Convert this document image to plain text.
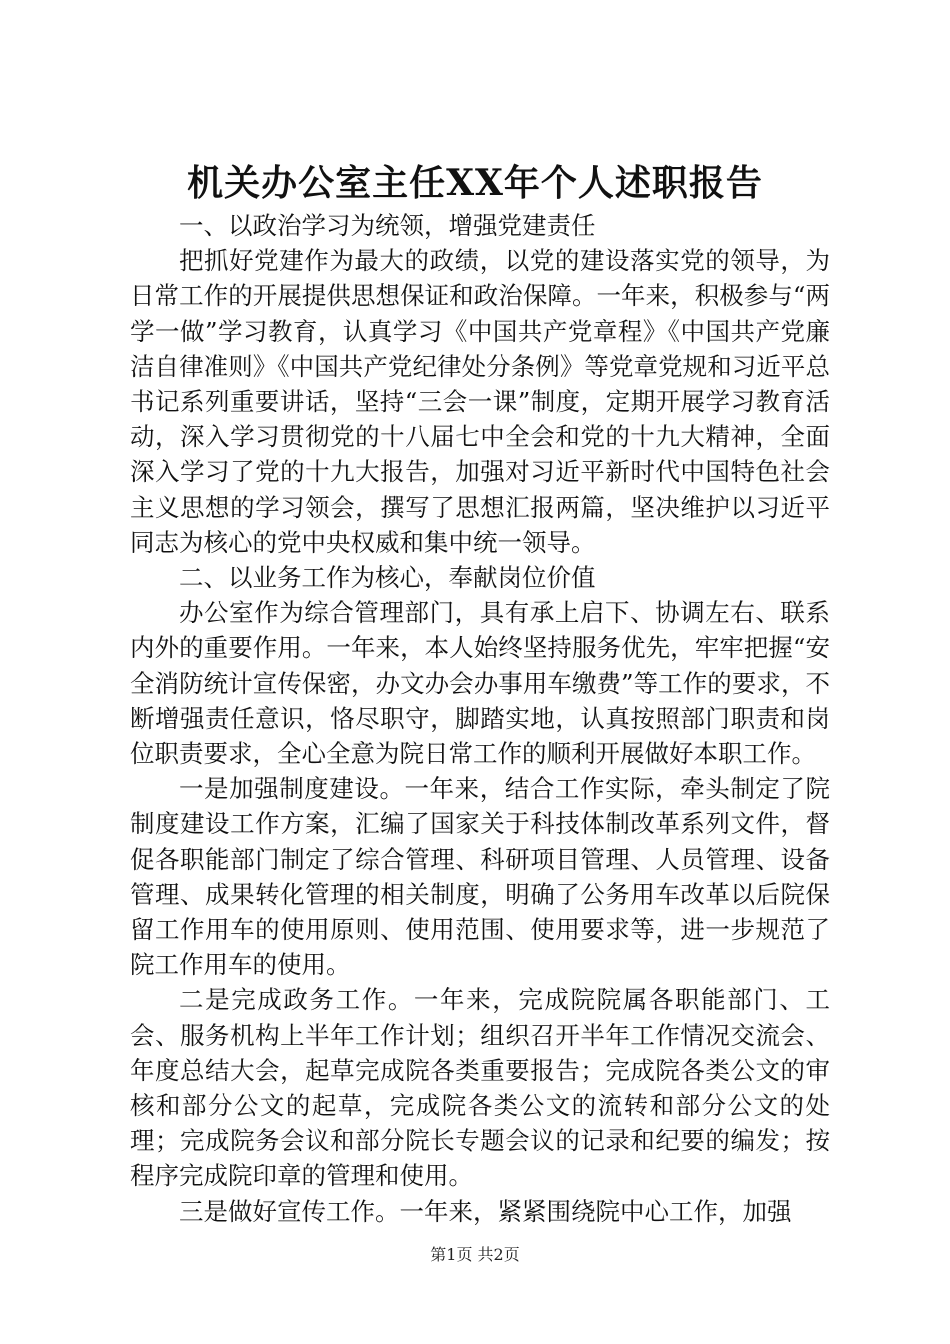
机关办公室主任XX年个人述职报告

一、以政治学习为统领，增强党建责任

把抓好党建作为最大的政绩，以党的建设落实党的领导，为日常工作的开展提供思想保证和政治保障。一年来，积极参与“两学一做”学习教育，认真学习《中国共产党章程》《中国共产党廉洁自律准则》《中国共产党纪律处分条例》等党章党规和习近平总书记系列重要讲话，坚持“三会一课”制度，定期开展学习教育活动，深入学习贯彻党的十八届七中全会和党的十九大精神，全面深入学习了党的十九大报告，加强对习近平新时代中国特色社会主义思想的学习领会，撰写了思想汇报两篇，坚决维护以习近平同志为核心的党中央权威和集中统一领导。

二、以业务工作为核心，奉献岗位价值

办公室作为综合管理部门，具有承上启下、协调左右、联系内外的重要作用。一年来，本人始终坚持服务优先，牢牢把握“安全消防统计宣传保密，办文办会办事用车缴费”等工作的要求，不断增强责任意识，恪尽职守，脚踏实地，认真按照部门职责和岗位职责要求，全心全意为院日常工作的顺利开展做好本职工作。

一是加强制度建设。一年来，结合工作实际，牵头制定了院制度建设工作方案，汇编了国家关于科技体制改革系列文件，督促各职能部门制定了综合管理、科研项目管理、人员管理、设备管理、成果转化管理的相关制度，明确了公务用车改革以后院保留工作用车的使用原则、使用范围、使用要求等，进一步规范了院工作用车的使用。

二是完成政务工作。一年来，完成院院属各职能部门、工会、服务机构上半年工作计划；组织召开半年工作情况交流会、年度总结大会，起草完成院各类重要报告；完成院各类公文的审核和部分公文的起草，完成院各类公文的流转和部分公文的处理；完成院务会议和部分院长专题会议的记录和纪要的编发；按程序完成院印章的管理和使用。

三是做好宣传工作。一年来，紧紧围绕院中心工作，加强

第1页 共2页
